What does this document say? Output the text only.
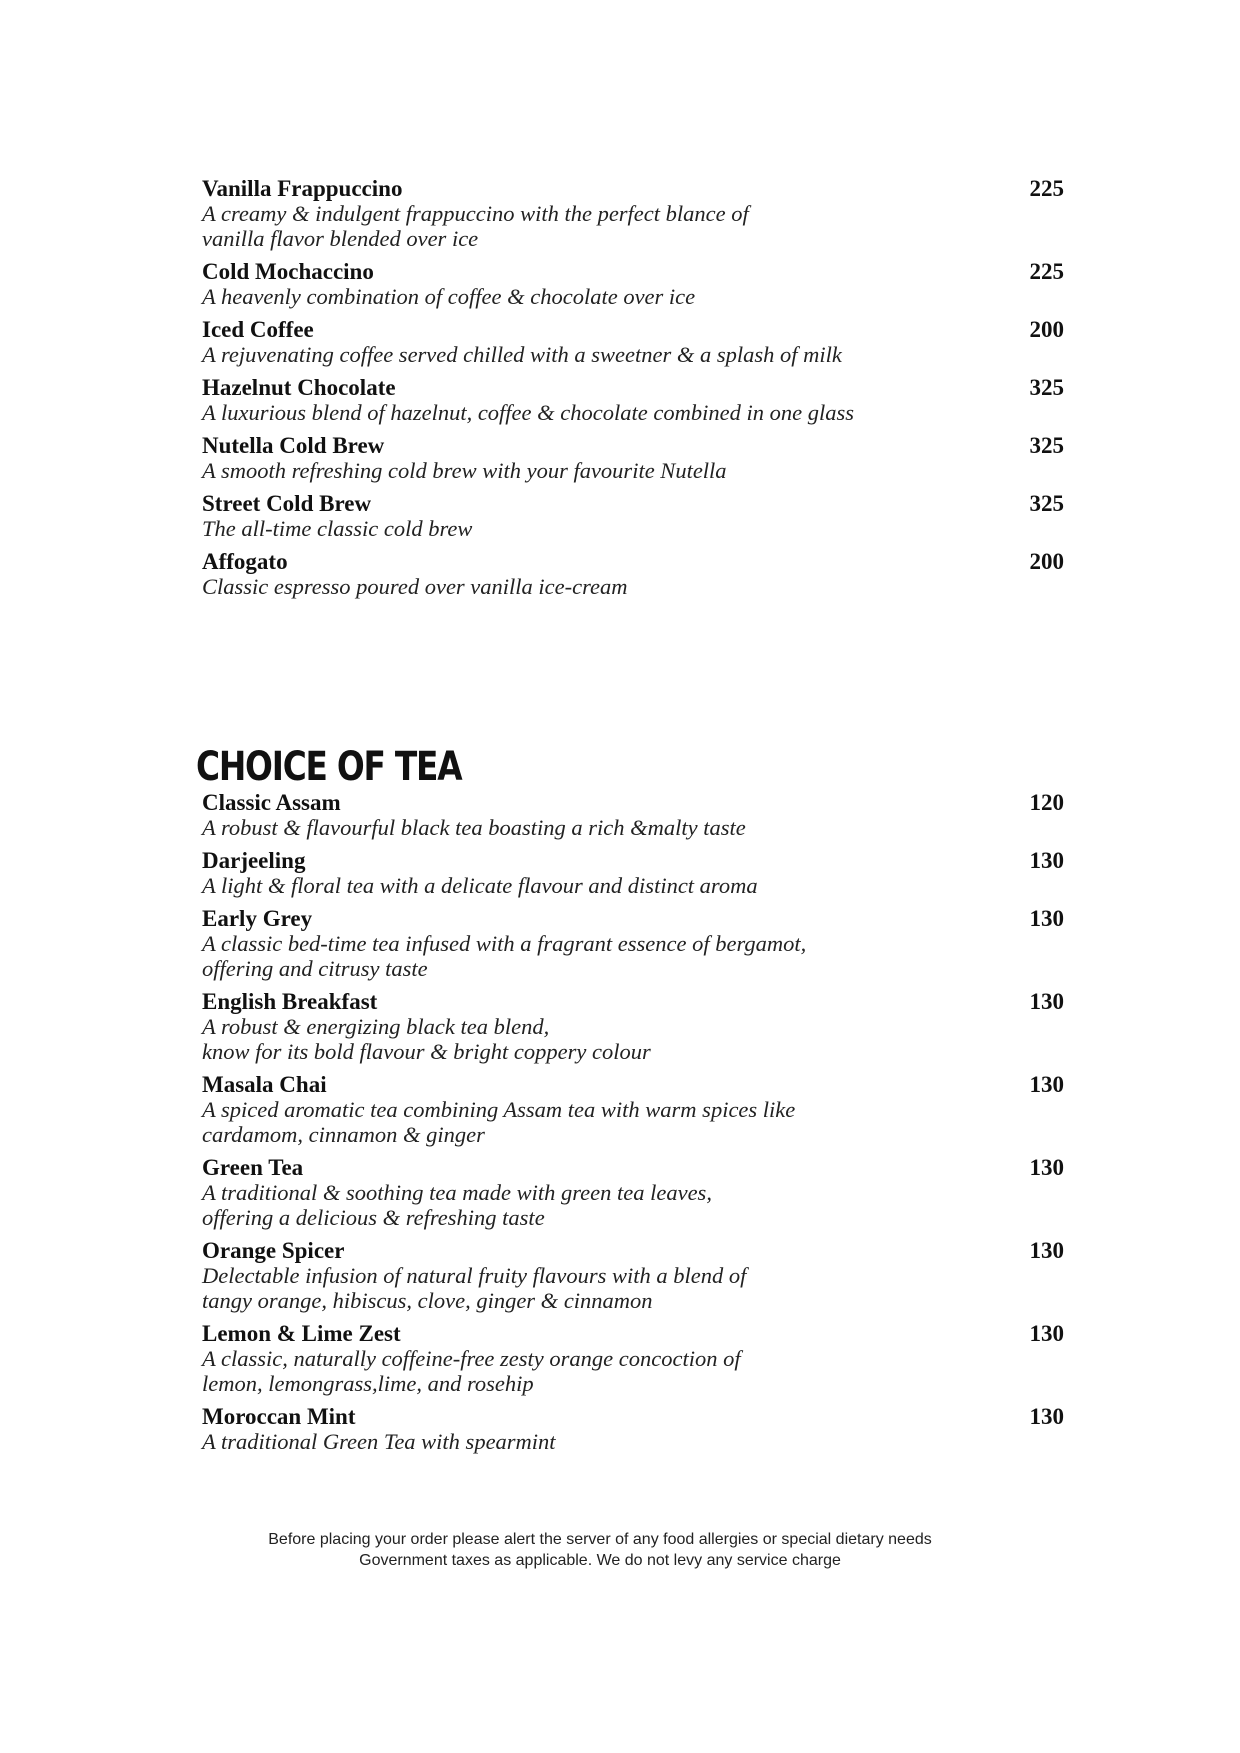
Vanilla Frappuccino
A creamy & indulgent frappuccino with the perfect blance of
vanilla flavor blended over ice
225
Cold Mochaccino
A heavenly combination of coffee & chocolate over ice
225
Iced Coffee
A rejuvenating coffee served chilled with a sweetner & a splash of milk
200
Hazelnut Chocolate
A luxurious blend of hazelnut, coffee & chocolate combined in one glass
325
Nutella Cold Brew
A smooth refreshing cold brew with your favourite Nutella
325
Street Cold Brew
The all-time classic cold brew
325
Affogato
Classic espresso poured over vanilla ice-cream
200
CHOICE OF TEA
Classic Assam
A robust & flavourful black tea boasting a rich &malty taste
120
Darjeeling
A light & floral tea with a delicate flavour and distinct aroma
130
Early Grey
A classic bed-time tea infused with a fragrant essence of bergamot,
offering and citrusy taste
130
English Breakfast
A robust & energizing black tea blend,
know for its bold flavour & bright coppery colour
130
Masala Chai
A spiced aromatic tea combining Assam tea with warm spices like
cardamom, cinnamon & ginger
130
Green Tea
A traditional & soothing tea made with green tea leaves,
offering a delicious & refreshing taste
130
Orange Spicer
Delectable infusion of natural fruity flavours with a blend of
tangy orange, hibiscus, clove, ginger & cinnamon
130
Lemon & Lime Zest
A classic, naturally coffeine-free zesty orange concoction of
lemon, lemongrass,lime, and rosehip
130
Moroccan Mint
A traditional Green Tea with spearmint
130
Before placing your order please alert the server of any food allergies or special dietary needs
Government taxes as applicable. We do not levy any service charge
